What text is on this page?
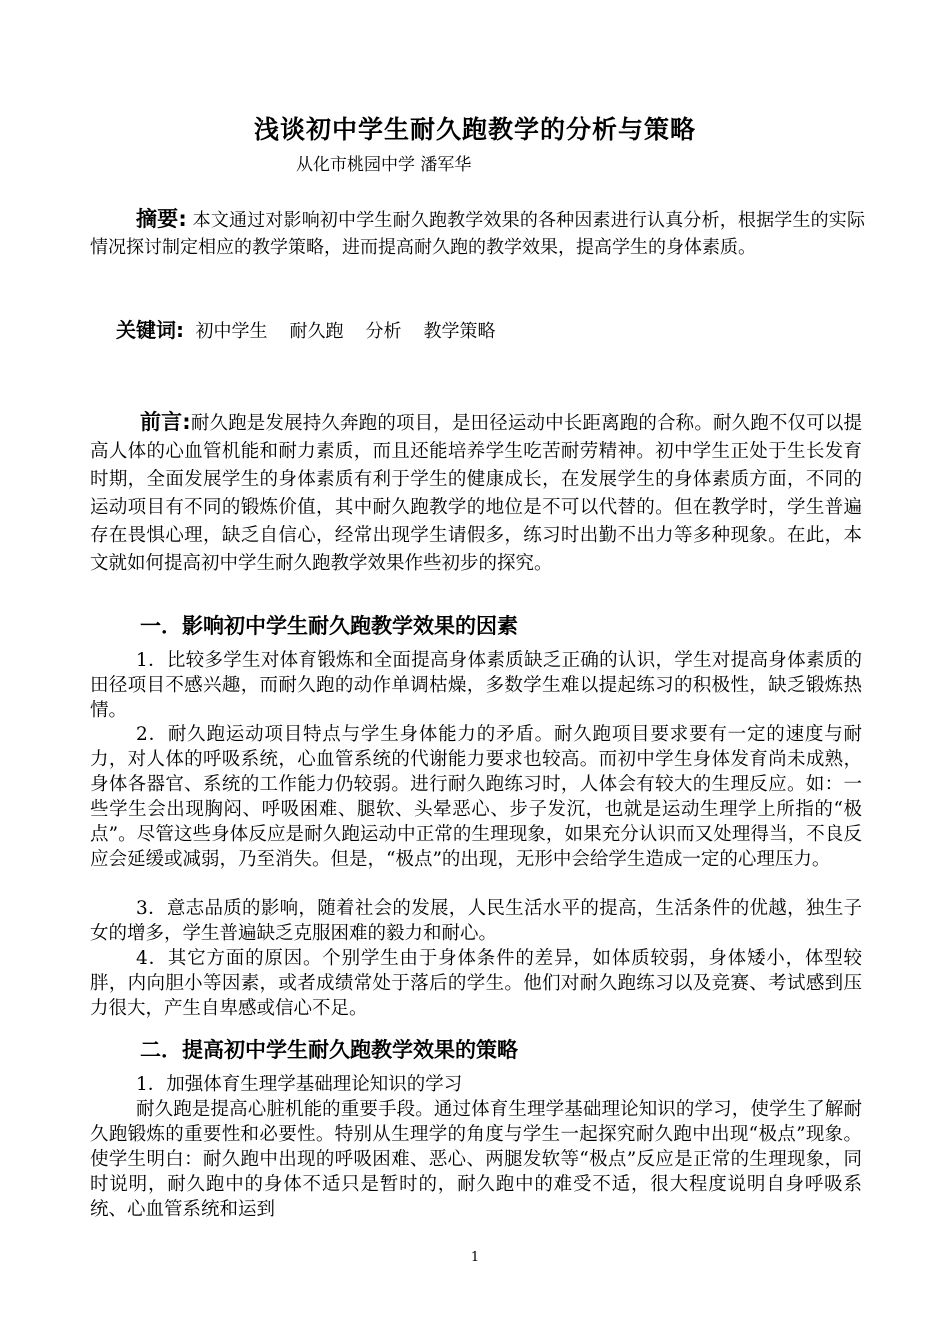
浅谈初中学生耐久跑教学的分析与策略
从化市桃园中学 潘军华
摘要: 本文通过对影响初中学生耐久跑教学效果的各种因素进行认真分析，根据学生的实际情况探讨制定相应的教学策略，进而提高耐久跑的教学效果，提高学生的身体素质。
关键词: 初中学生 耐久跑 分析 教学策略
前言:耐久跑是发展持久奔跑的项目，是田径运动中长距离跑的合称。耐久跑不仅可以提高人体的心血管机能和耐力素质，而且还能培养学生吃苦耐劳精神。初中学生正处于生长发育时期，全面发展学生的身体素质有利于学生的健康成长，在发展学生的身体素质方面，不同的运动项目有不同的锻炼价值，其中耐久跑教学的地位是不可以代替的。但在教学时，学生普遍存在畏惧心理，缺乏自信心，经常出现学生请假多，练习时出勤不出力等多种现象。在此，本文就如何提高初中学生耐久跑教学效果作些初步的探究。
一．影响初中学生耐久跑教学效果的因素
1．比较多学生对体育锻炼和全面提高身体素质缺乏正确的认识，学生对提高身体素质的田径项目不感兴趣，而耐久跑的动作单调枯燥，多数学生难以提起练习的积极性，缺乏锻炼热情。
2．耐久跑运动项目特点与学生身体能力的矛盾。耐久跑项目要求要有一定的速度与耐力，对人体的呼吸系统，心血管系统的代谢能力要求也较高。而初中学生身体发育尚未成熟，身体各器官、系统的工作能力仍较弱。进行耐久跑练习时，人体会有较大的生理反应。如：一些学生会出现胸闷、呼吸困难、腿软、头晕恶心、步子发沉，也就是运动生理学上所指的“极点”。尽管这些身体反应是耐久跑运动中正常的生理现象，如果充分认识而又处理得当，不良反应会延缓或减弱，乃至消失。但是，“极点”的出现，无形中会给学生造成一定的心理压力。
3．意志品质的影响，随着社会的发展，人民生活水平的提高，生活条件的优越，独生子女的增多，学生普遍缺乏克服困难的毅力和耐心。
4．其它方面的原因。个别学生由于身体条件的差异，如体质较弱，身体矮小，体型较胖，内向胆小等因素，或者成绩常处于落后的学生。他们对耐久跑练习以及竞赛、考试感到压力很大，产生自卑感或信心不足。
二．提高初中学生耐久跑教学效果的策略
1．加强体育生理学基础理论知识的学习
耐久跑是提高心脏机能的重要手段。通过体育生理学基础理论知识的学习，使学生了解耐久跑锻炼的重要性和必要性。特别从生理学的角度与学生一起探究耐久跑中出现“极点”现象。使学生明白：耐久跑中出现的呼吸困难、恶心、两腿发软等“极点”反应是正常的生理现象，同时说明，耐久跑中的身体不适只是暂时的，耐久跑中的难受不适，很大程度说明自身呼吸系统、心血管系统和运到
1
